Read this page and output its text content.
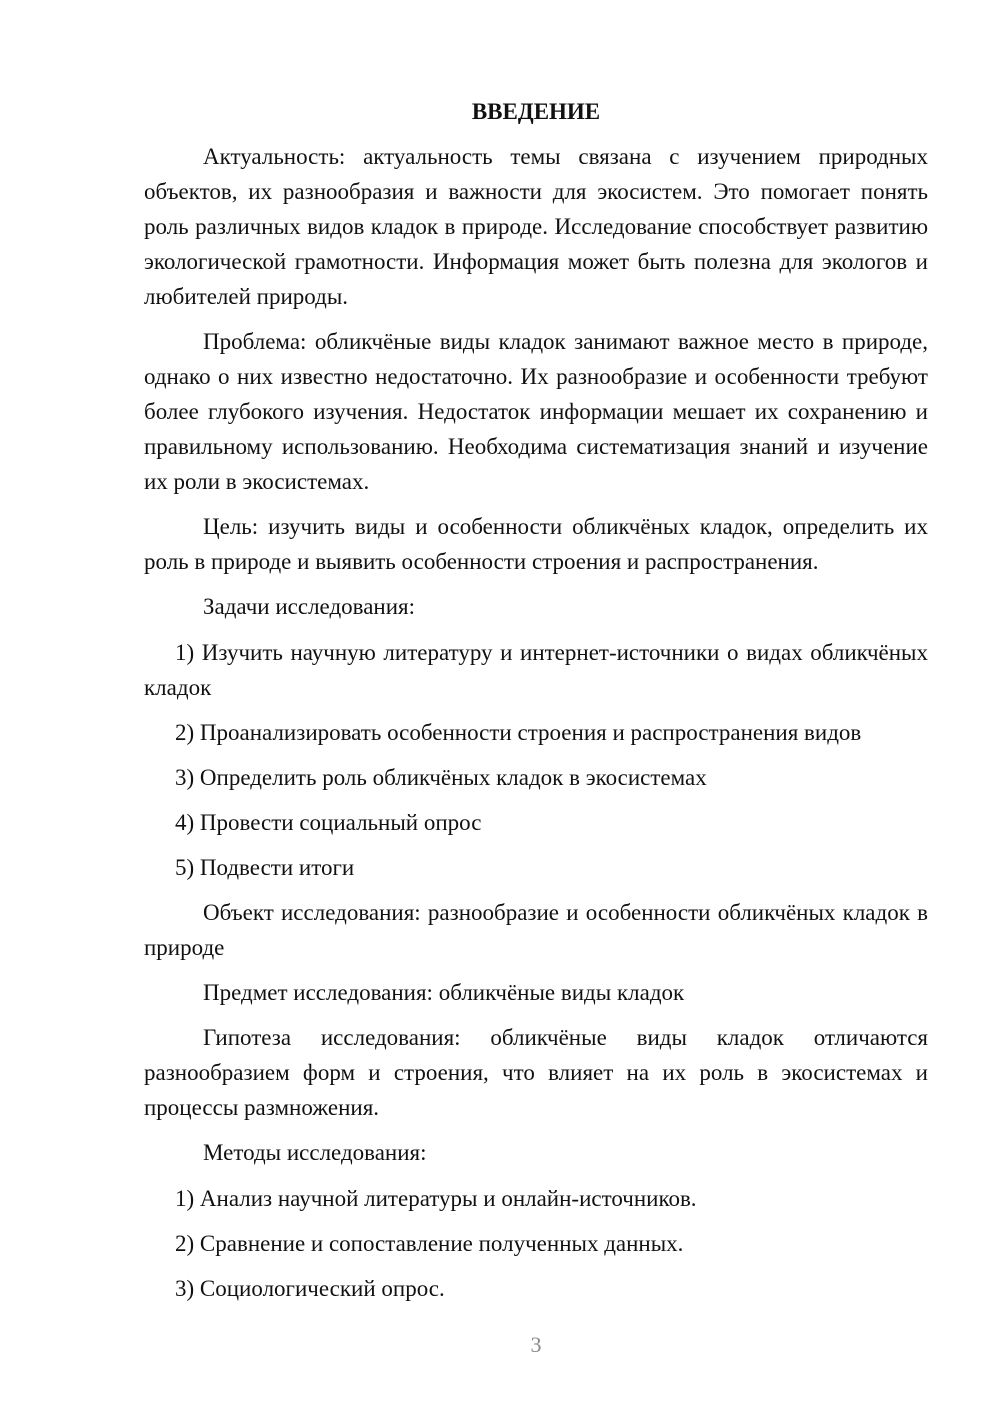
ВВЕДЕНИЕ

Актуальность: актуальность темы связана с изучением природных объектов, их разнообразия и важности для экосистем. Это помогает понять роль различных видов кладок в природе. Исследование способствует развитию экологической грамотности. Информация может быть полезна для экологов и любителей природы.

Проблема: обликчёные виды кладок занимают важное место в природе, однако о них известно недостаточно. Их разнообразие и особенности требуют более глубокого изучения. Недостаток информации мешает их сохранению и правильному использованию. Необходима систематизация знаний и изучение их роли в экосистемах.

Цель: изучить виды и особенности обликчёных кладок, определить их роль в природе и выявить особенности строения и распространения.

Задачи исследования:

1) Изучить научную литературу и интернет-источники о видах обликчёных кладок

2) Проанализировать особенности строения и распространения видов

3) Определить роль обликчёных кладок в экосистемах

4) Провести социальный опрос

5) Подвести итоги

Объект исследования: разнообразие и особенности обликчёных кладок в природе

Предмет исследования: обликчёные виды кладок

Гипотеза исследования: обликчёные виды кладок отличаются разнообразием форм и строения, что влияет на их роль в экосистемах и процессы размножения.

Методы исследования:

1) Анализ научной литературы и онлайн-источников.

2) Сравнение и сопоставление полученных данных.

3) Социологический опрос.

3
